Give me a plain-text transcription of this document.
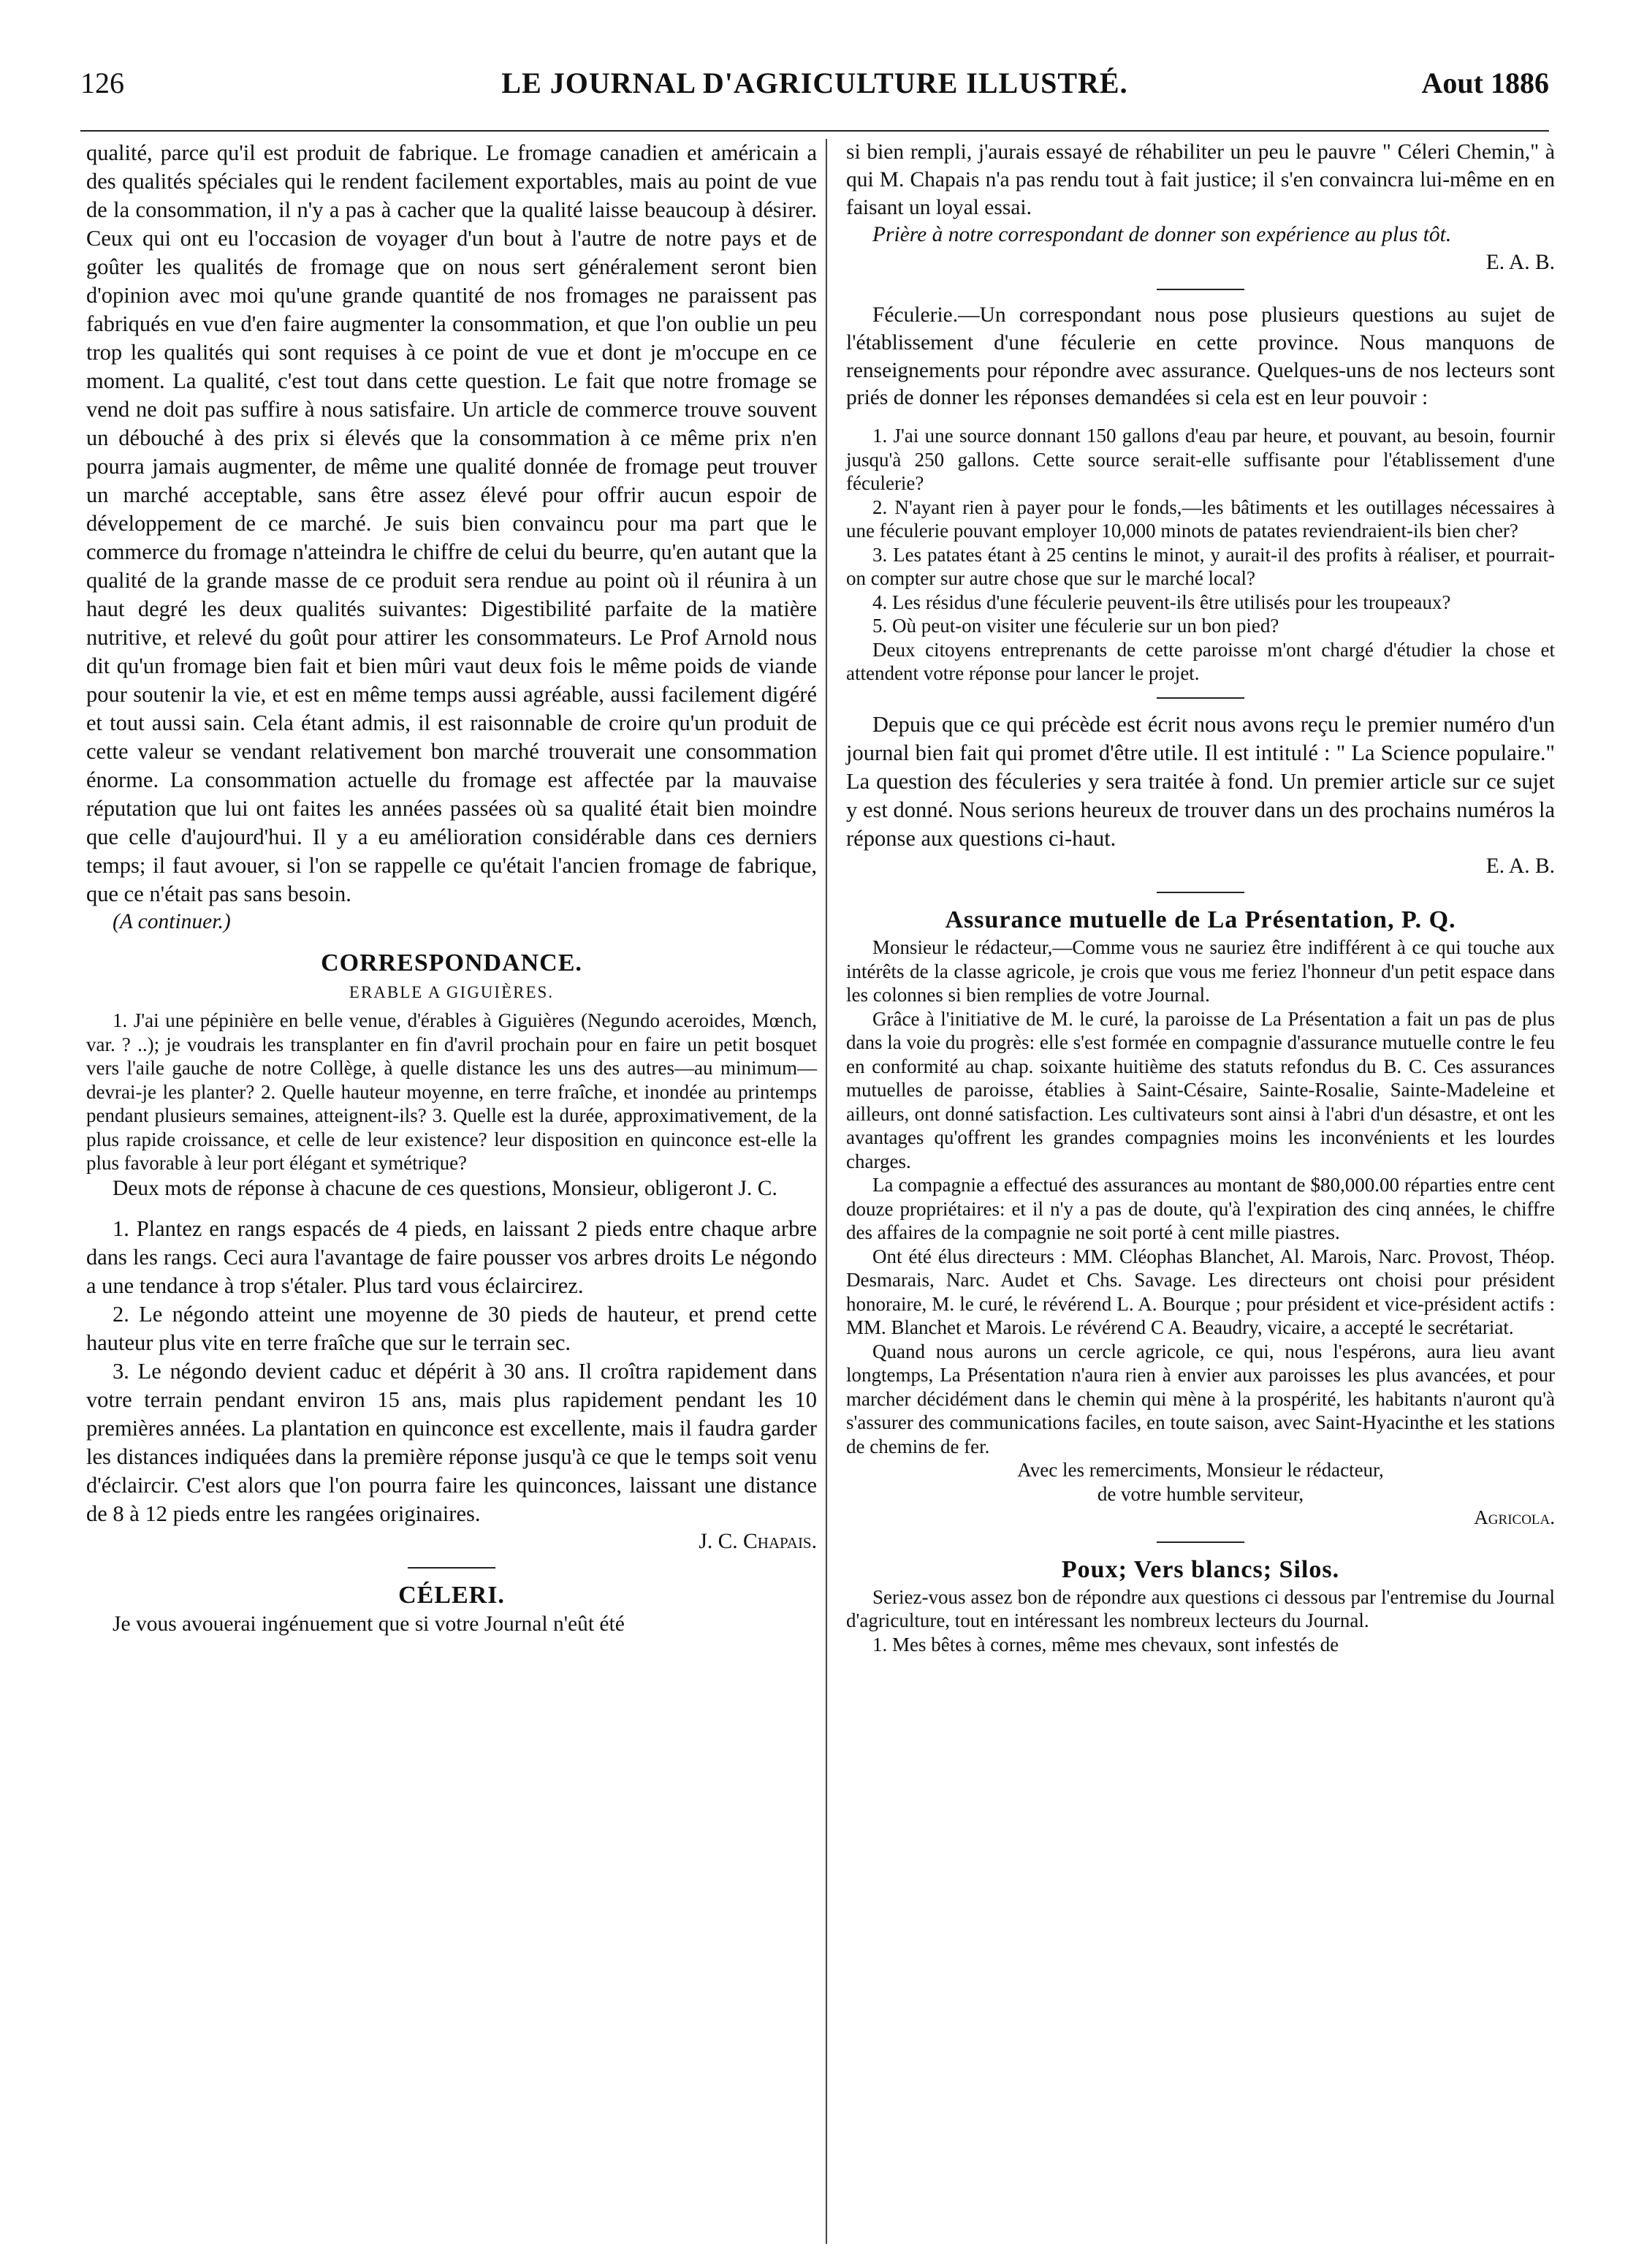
LE JOURNAL D'AGRICULTURE ILLUSTRÉ.
126	Aout 1886

qualité, parce qu'il est produit de fabrique. Le fromage canadien et américain a des qualités spéciales qui le rendent facilement exportables, mais au point de vue de la consommation, il n'y a pas à cacher que la qualité laisse beaucoup à désirer. Ceux qui ont eu l'occasion de voyager d'un bout à l'autre de notre pays et de goûter les qualités de fromage que on nous sert généralement seront bien d'opinion avec moi qu'une grande quantité de nos fromages ne paraissent pas fabriqués en vue d'en faire augmenter la consommation, et que l'on oublie un peu trop les qualités qui sont requises à ce point de vue et dont je m'occupe en ce moment. La qualité, c'est tout dans cette question. Le fait que notre fromage se vend ne doit pas suffire à nous satisfaire. Un article de commerce trouve souvent un débouché à des prix si élevés que la consommation à ce même prix n'en pourra jamais augmenter, de même une qualité donnée de fromage peut trouver un marché acceptable, sans être assez élevé pour offrir aucun espoir de développement de ce marché. Je suis bien convaincu pour ma part que le commerce du fromage n'atteindra le chiffre de celui du beurre, qu'en autant que la qualité de la grande masse de ce produit sera rendue au point où il réunira à un haut degré les deux qualités suivantes: Digestibilité parfaite de la matière nutritive, et relevé du goût pour attirer les consommateurs. Le Prof Arnold nous dit qu'un fromage bien fait et bien mûri vaut deux fois le même poids de viande pour soutenir la vie, et est en même temps aussi agréable, aussi facilement digéré et tout aussi sain. Cela étant admis, il est raisonnable de croire qu'un produit de cette valeur se vendant relativement bon marché trouverait une consommation énorme. La consommation actuelle du fromage est affectée par la mauvaise réputation que lui ont faites les années passées où sa qualité était bien moindre que celle d'aujourd'hui. Il y a eu amélioration considérable dans ces derniers temps; il faut avouer, si l'on se rappelle ce qu'était l'ancien fromage de fabrique, que ce n'était pas sans besoin.

(A continuer.)

CORRESPONDANCE.
ERABLE A GIGUIÈRES.

1. J'ai une pépinière en belle venue, d'érables à Giguières (Negundo aceroides, Mœnch, var. ? ..); je voudrais les transplanter en fin d'avril prochain pour en faire un petit bosquet vers l'aile gauche de notre Collège, à quelle distance les uns des autres—au minimum—devrai-je les planter? 2. Quelle hauteur moyenne, en terre fraîche, et inondée au printemps pendant plusieurs semaines, atteignent-ils? 3. Quelle est la durée, approximativement, de la plus rapide croissance, et celle de leur existence? leur disposition en quinconce est-elle la plus favorable à leur port élégant et symétrique?

Deux mots de réponse à chacune de ces questions, Monsieur, obligeront J. C.

1. Plantez en rangs espacés de 4 pieds, en laissant 2 pieds entre chaque arbre dans les rangs. Ceci aura l'avantage de faire pousser vos arbres droits Le négondo a une tendance à trop s'étaler. Plus tard vous éclaircirez.

2. Le négondo atteint une moyenne de 30 pieds de hauteur, et prend cette hauteur plus vite en terre fraîche que sur le terrain sec.

3. Le négondo devient caduc et dépérit à 30 ans. Il croîtra rapidement dans votre terrain pendant environ 15 ans, mais plus rapidement pendant les 10 premières années. La plantation en quinconce est excellente, mais il faudra garder les distances indiquées dans la première réponse jusqu'à ce que le temps soit venu d'éclaircir. C'est alors que l'on pourra faire les quinconces, laissant une distance de 8 à 12 pieds entre les rangées originaires.

J. C. Chapais.

CÉLERI.

Je vous avouerai ingénuement que si votre Journal n'eût été

si bien rempli, j'aurais essayé de réhabiliter un peu le pauvre " Céleri Chemin," à qui M. Chapais n'a pas rendu tout à fait justice; il s'en convaincra lui-même en en faisant un loyal essai.

Prière à notre correspondant de donner son expérience au plus tôt.

E. A. B.

Féculerie.—Un correspondant nous pose plusieurs questions au sujet de l'établissement d'une féculerie en cette province. Nous manquons de renseignements pour répondre avec assurance. Quelques-uns de nos lecteurs sont priés de donner les réponses demandées si cela est en leur pouvoir :

1. J'ai une source donnant 150 gallons d'eau par heure, et pouvant, au besoin, fournir jusqu'à 250 gallons. Cette source serait-elle suffisante pour l'établissement d'une féculerie?

2. N'ayant rien à payer pour le fonds,—les bâtiments et les outillages nécessaires à une féculerie pouvant employer 10,000 minots de patates reviendraient-ils bien cher?

3. Les patates étant à 25 centins le minot, y aurait-il des profits à réaliser, et pourrait-on compter sur autre chose que sur le marché local?

4. Les résidus d'une féculerie peuvent-ils être utilisés pour les troupeaux?

5. Où peut-on visiter une féculerie sur un bon pied?

Deux citoyens entreprenants de cette paroisse m'ont chargé d'étudier la chose et attendent votre réponse pour lancer le projet.

Depuis que ce qui précède est écrit nous avons reçu le premier numéro d'un journal bien fait qui promet d'être utile. Il est intitulé : " La Science populaire." La question des féculeries y sera traitée à fond. Un premier article sur ce sujet y est donné. Nous serions heureux de trouver dans un des prochains numéros la réponse aux questions ci-haut.

E. A. B.

Assurance mutuelle de La Présentation, P. Q.

Monsieur le rédacteur,—Comme vous ne sauriez être indifférent à ce qui touche aux intérêts de la classe agricole, je crois que vous me feriez l'honneur d'un petit espace dans les colonnes si bien remplies de votre Journal.

Grâce à l'initiative de M. le curé, la paroisse de La Présentation a fait un pas de plus dans la voie du progrès: elle s'est formée en compagnie d'assurance mutuelle contre le feu en conformité au chap. soixante huitième des statuts refondus du B. C. Ces assurances mutuelles de paroisse, établies à Saint-Césaire, Sainte-Rosalie, Sainte-Madeleine et ailleurs, ont donné satisfaction. Les cultivateurs sont ainsi à l'abri d'un désastre, et ont les avantages qu'offrent les grandes compagnies moins les inconvénients et les lourdes charges.

La compagnie a effectué des assurances au montant de $80,000.00 réparties entre cent douze propriétaires: et il n'y a pas de doute, qu'à l'expiration des cinq années, le chiffre des affaires de la compagnie ne soit porté à cent mille piastres.

Ont été élus directeurs : MM. Cléophas Blanchet, Al. Marois, Narc. Provost, Théop. Desmarais, Narc. Audet et Chs. Savage. Les directeurs ont choisi pour président honoraire, M. le curé, le révérend L. A. Bourque ; pour président et vice-président actifs : MM. Blanchet et Marois. Le révérend C A. Beaudry, vicaire, a accepté le secrétariat.

Quand nous aurons un cercle agricole, ce qui, nous l'espérons, aura lieu avant longtemps, La Présentation n'aura rien à envier aux paroisses les plus avancées, et pour marcher décidément dans le chemin qui mène à la prospérité, les habitants n'auront qu'à s'assurer des communications faciles, en toute saison, avec Saint-Hyacinthe et les stations de chemins de fer.

Avec les remerciments, Monsieur le rédacteur,

de votre humble serviteur,

Agricola.

Poux; Vers blancs; Silos.

Seriez-vous assez bon de répondre aux questions ci dessous par l'entremise du Journal d'agriculture, tout en intéressant les nombreux lecteurs du Journal.

1. Mes bêtes à cornes, même mes chevaux, sont infestés de
